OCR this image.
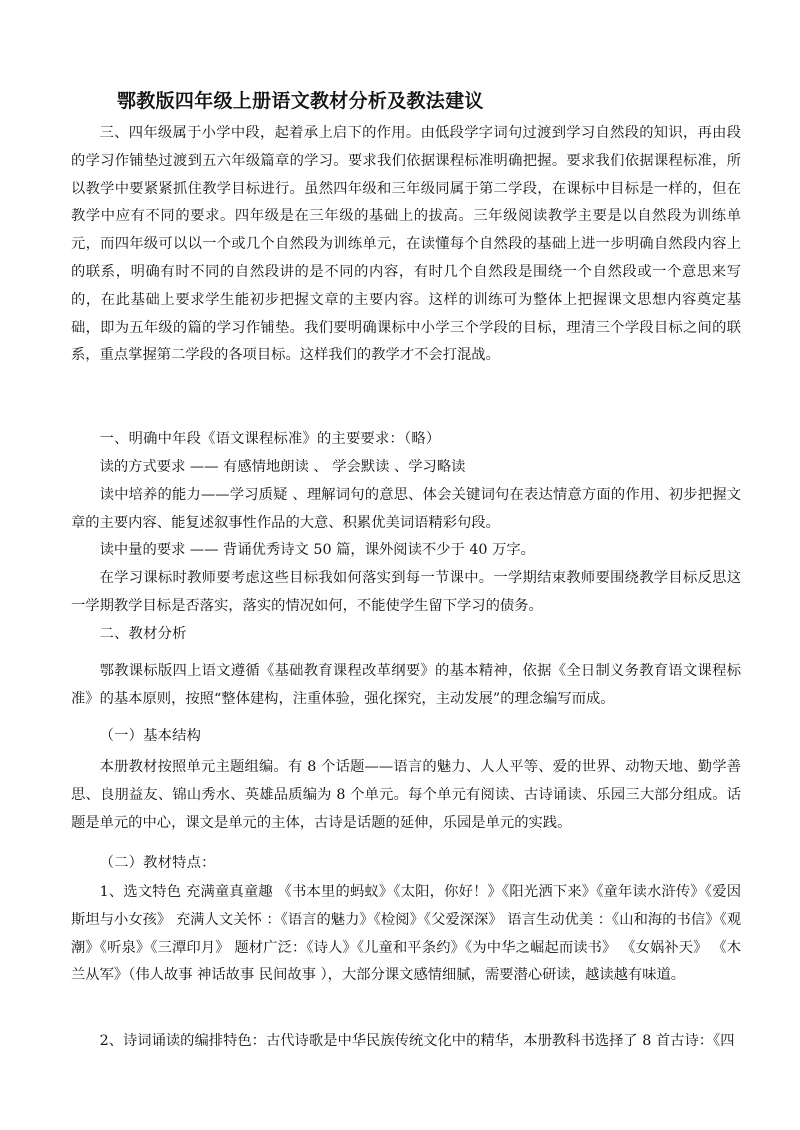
鄂教版四年级上册语文教材分析及教法建议

三、四年级属于小学中段，起着承上启下的作用。由低段学字词句过渡到学习自然段的知识，再由段的学习作铺垫过渡到五六年级篇章的学习。要求我们依据课程标准明确把握。要求我们依据课程标准，所以教学中要紧紧抓住教学目标进行。虽然四年级和三年级同属于第二学段，在课标中目标是一样的，但在教学中应有不同的要求。四年级是在三年级的基础上的拔高。三年级阅读教学主要是以自然段为训练单元，而四年级可以以一个或几个自然段为训练单元，在读懂每个自然段的基础上进一步明确自然段内容上的联系，明确有时不同的自然段讲的是不同的内容，有时几个自然段是围绕一个自然段或一个意思来写的，在此基础上要求学生能初步把握文章的主要内容。这样的训练可为整体上把握课文思想内容奠定基础，即为五年级的篇的学习作铺垫。我们要明确课标中小学三个学段的目标，理清三个学段目标之间的联系，重点掌握第二学段的各项目标。这样我们的教学才不会打混战。

一、明确中年段《语文课程标准》的主要要求：（略）

读的方式要求 —— 有感情地朗读 、 学会默读 、学习略读

读中培养的能力——学习质疑 、理解词句的意思、体会关键词句在表达情意方面的作用、初步把握文章的主要内容、能复述叙事性作品的大意、积累优美词语精彩句段。

读中量的要求 —— 背诵优秀诗文 50 篇，课外阅读不少于 40 万字。

在学习课标时教师要考虑这些目标我如何落实到每一节课中。一学期结束教师要围绕教学目标反思这一学期教学目标是否落实，落实的情况如何，不能使学生留下学习的债务。

二、教材分析

鄂教课标版四上语文遵循《基础教育课程改革纲要》的基本精神，依据《全日制义务教育语文课程标准》的基本原则，按照“整体建构，注重体验，强化探究，主动发展”的理念编写而成。

（一）基本结构

本册教材按照单元主题组编。有 8 个话题——语言的魅力、人人平等、爱的世界、动物天地、勤学善思、良朋益友、锦山秀水、英雄品质编为 8 个单元。每个单元有阅读、古诗诵读、乐园三大部分组成。话题是单元的中心，课文是单元的主体，古诗是话题的延伸，乐园是单元的实践。

（二）教材特点：

1、选文特色 充满童真童趣 《书本里的蚂蚁》《太阳，你好！》《阳光洒下来》《童年读水浒传》《爱因斯坦与小女孩》 充满人文关怀 ：《语言的魅力》《检阅》《父爱深深》 语言生动优美 ：《山和海的书信》《观潮》《听泉》《三潭印月》 题材广泛：《诗人》《儿童和平条约》《为中华之崛起而读书》 《女娲补天》 《木兰从军》（伟人故事 神话故事 民间故事 ），大部分课文感情细腻，需要潜心研读，越读越有味道。

2、诗词诵读的编排特色：古代诗歌是中华民族传统文化中的精华，本册教科书选择了 8 首古诗：《四
